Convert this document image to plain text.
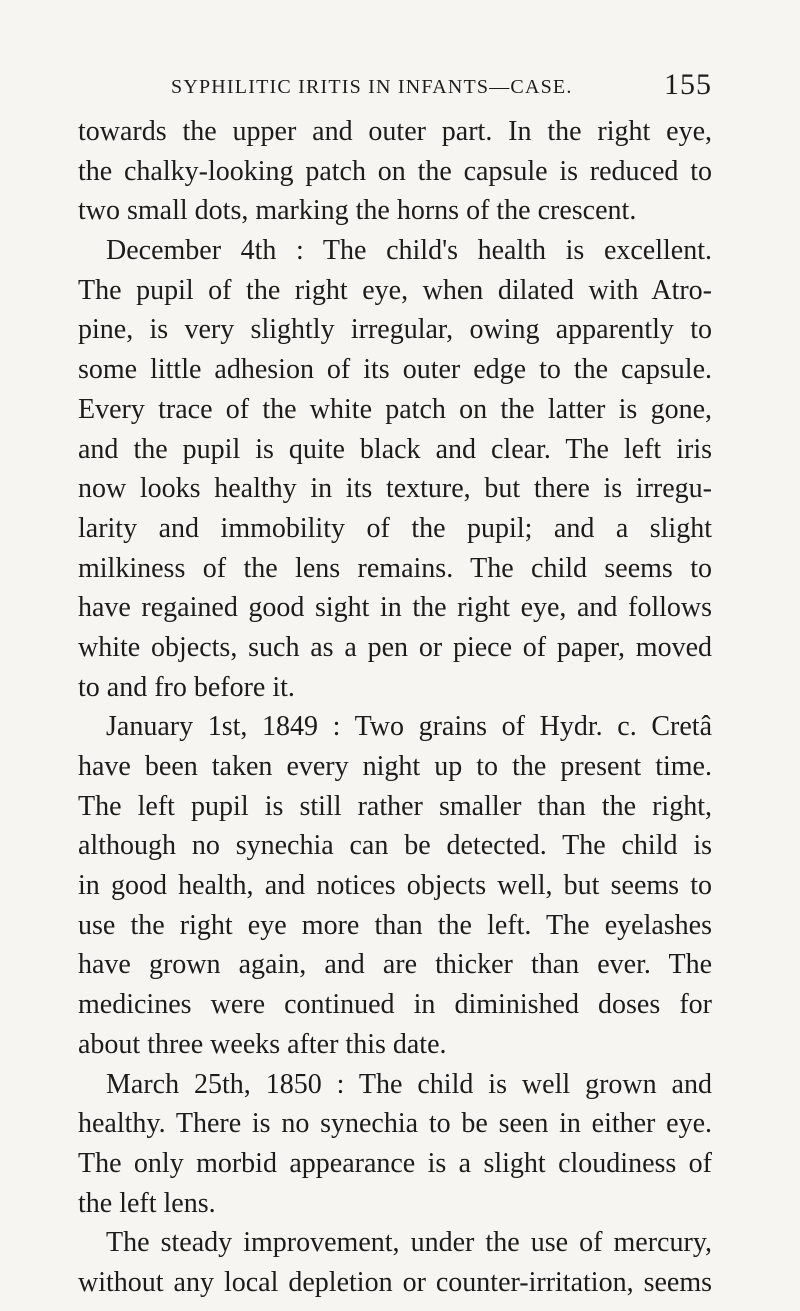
SYPHILITIC IRITIS IN INFANTS—CASE.	155
towards the upper and outer part. In the right eye,
the chalky-looking patch on the capsule is reduced to
two small dots, marking the horns of the crescent.
December 4th : The child's health is excellent.
The pupil of the right eye, when dilated with Atro-
pine, is very slightly irregular, owing apparently to
some little adhesion of its outer edge to the capsule.
Every trace of the white patch on the latter is gone,
and the pupil is quite black and clear. The left iris
now looks healthy in its texture, but there is irregu-
larity and immobility of the pupil; and a slight
milkiness of the lens remains. The child seems to
have regained good sight in the right eye, and follows
white objects, such as a pen or piece of paper, moved
to and fro before it.
January 1st, 1849 : Two grains of Hydr. c. Cretâ
have been taken every night up to the present time.
The left pupil is still rather smaller than the right,
although no synechia can be detected. The child is
in good health, and notices objects well, but seems to
use the right eye more than the left. The eyelashes
have grown again, and are thicker than ever. The
medicines were continued in diminished doses for
about three weeks after this date.
March 25th, 1850 : The child is well grown and
healthy. There is no synechia to be seen in either eye.
The only morbid appearance is a slight cloudiness of
the left lens.
The steady improvement, under the use of mercury,
without any local depletion or counter-irritation, seems
